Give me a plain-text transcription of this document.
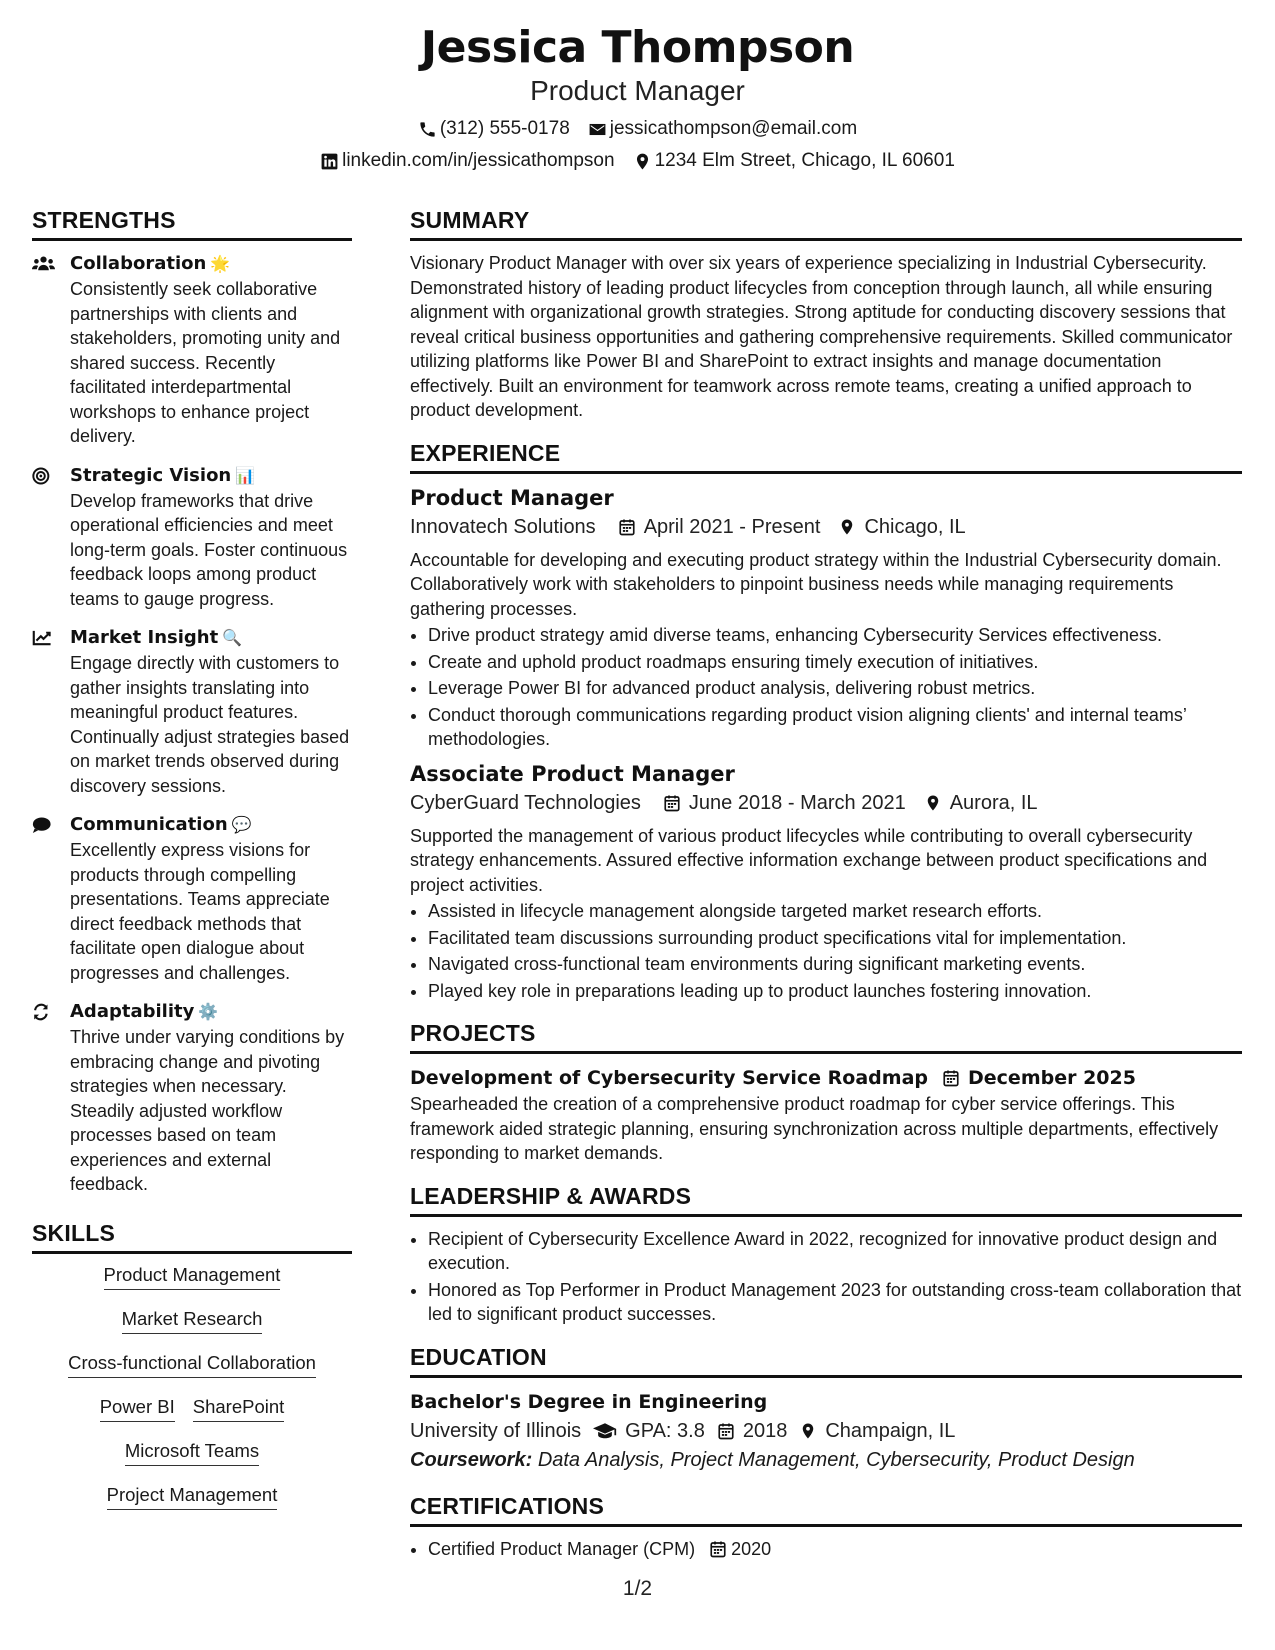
Jessica Thompson
Product Manager
(312) 555-0178 jessicathompson@email.com
linkedin.com/in/jessicathompson 1234 Elm Street, Chicago, IL 60601
STRENGTHS
Collaboration 🌟
Consistently seek collaborative partnerships with clients and stakeholders, promoting unity and shared success. Recently facilitated interdepartmental workshops to enhance project delivery.
Strategic Vision 📊
Develop frameworks that drive operational efficiencies and meet long-term goals. Foster continuous feedback loops among product teams to gauge progress.
Market Insight 🔍
Engage directly with customers to gather insights translating into meaningful product features. Continually adjust strategies based on market trends observed during discovery sessions.
Communication 💬
Excellently express visions for products through compelling presentations. Teams appreciate direct feedback methods that facilitate open dialogue about progresses and challenges.
Adaptability ⚙️
Thrive under varying conditions by embracing change and pivoting strategies when necessary. Steadily adjusted workflow processes based on team experiences and external feedback.
SKILLS
Product Management
Market Research
Cross-functional Collaboration
Power BI SharePoint
Microsoft Teams
Project Management
SUMMARY
Visionary Product Manager with over six years of experience specializing in Industrial Cybersecurity. Demonstrated history of leading product lifecycles from conception through launch, all while ensuring alignment with organizational growth strategies. Strong aptitude for conducting discovery sessions that reveal critical business opportunities and gathering comprehensive requirements. Skilled communicator utilizing platforms like Power BI and SharePoint to extract insights and manage documentation effectively. Built an environment for teamwork across remote teams, creating a unified approach to product development.
EXPERIENCE
Product Manager
Innovatech Solutions April 2021 - Present Chicago, IL
Accountable for developing and executing product strategy within the Industrial Cybersecurity domain. Collaboratively work with stakeholders to pinpoint business needs while managing requirements gathering processes.
• Drive product strategy amid diverse teams, enhancing Cybersecurity Services effectiveness.
• Create and uphold product roadmaps ensuring timely execution of initiatives.
• Leverage Power BI for advanced product analysis, delivering robust metrics.
• Conduct thorough communications regarding product vision aligning clients' and internal teams’ methodologies.
Associate Product Manager
CyberGuard Technologies June 2018 - March 2021 Aurora, IL
Supported the management of various product lifecycles while contributing to overall cybersecurity strategy enhancements. Assured effective information exchange between product specifications and project activities.
• Assisted in lifecycle management alongside targeted market research efforts.
• Facilitated team discussions surrounding product specifications vital for implementation.
• Navigated cross-functional team environments during significant marketing events.
• Played key role in preparations leading up to product launches fostering innovation.
PROJECTS
Development of Cybersecurity Service Roadmap December 2025
Spearheaded the creation of a comprehensive product roadmap for cyber service offerings. This framework aided strategic planning, ensuring synchronization across multiple departments, effectively responding to market demands.
LEADERSHIP & AWARDS
• Recipient of Cybersecurity Excellence Award in 2022, recognized for innovative product design and execution.
• Honored as Top Performer in Product Management 2023 for outstanding cross-team collaboration that led to significant product successes.
EDUCATION
Bachelor's Degree in Engineering
University of Illinois GPA: 3.8 2018 Champaign, IL
Coursework: Data Analysis, Project Management, Cybersecurity, Product Design
CERTIFICATIONS
• Certified Product Manager (CPM) 2020
1/2
